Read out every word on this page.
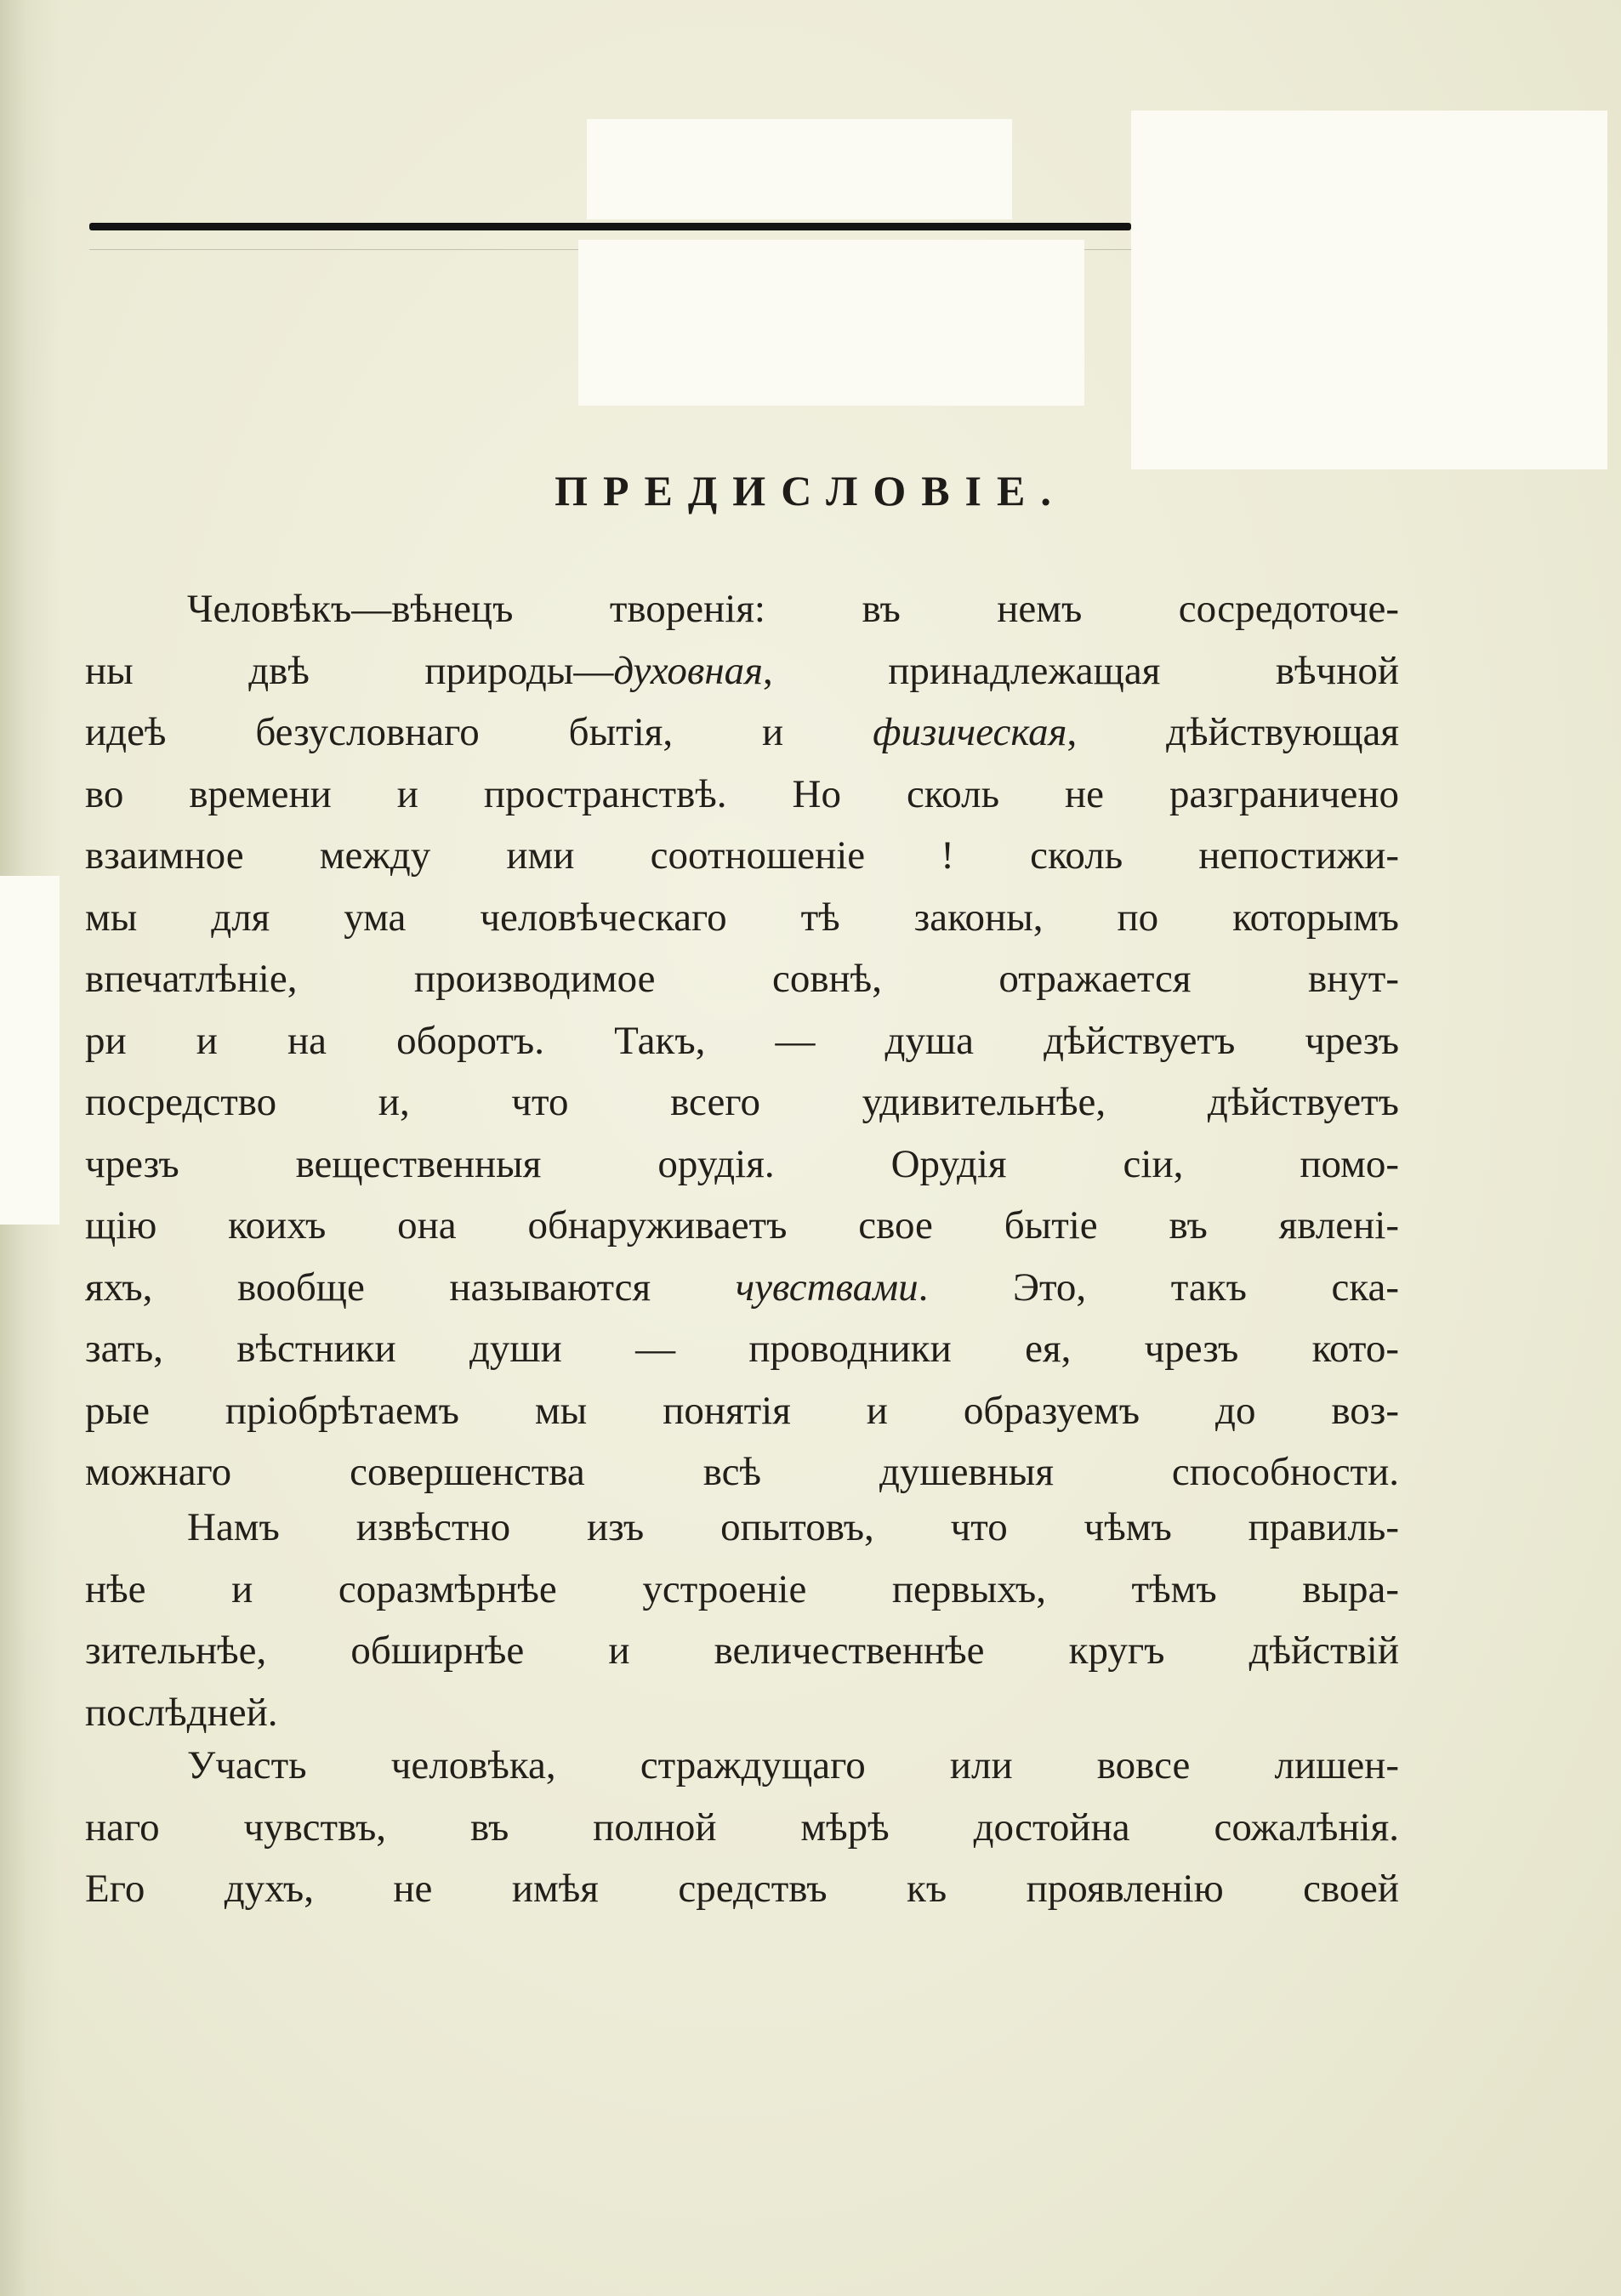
ПРЕДИСЛОВІЕ.
Человѣкъ—вѣнецъ творенія: въ немъ сосредоточе-
ны двѣ природы—духовная, принадлежащая вѣчной
идеѣ безусловнаго бытія, и физическая, дѣйствующая
во времени и пространствѣ. Но сколь не разграничено
взаимное между ими соотношеніе ! сколь непостижи-
мы для ума человѣческаго тѣ законы, по которымъ
впечатлѣніе, производимое совнѣ, отражается внут-
ри и на оборотъ. Такъ, — душа дѣйствуетъ чрезъ
посредство и, что всего удивительнѣе, дѣйствуетъ
чрезъ вещественныя орудія. Орудія сіи, помо-
щію коихъ она обнаруживаетъ свое бытіе въ явленi-
яхъ, вообще называются чувствами. Это, такъ ска-
зать, вѣстники души — проводники ея, чрезъ кото-
рые пріобрѣтаемъ мы понятія и образуемъ до воз-
можнаго совершенства всѣ душевныя способности.
Намъ извѣстно изъ опытовъ, что чѣмъ правиль-
нѣе и соразмѣрнѣе устроеніе первыхъ, тѣмъ выра-
зительнѣе, обширнѣе и величественнѣе кругъ дѣйствій
послѣдней.
Участь человѣка, страждущаго или вовсе лишен-
наго чувствъ, въ полной мѣрѣ достойна сожалѣнія.
Его духъ, не имѣя средствъ къ проявленію своей
